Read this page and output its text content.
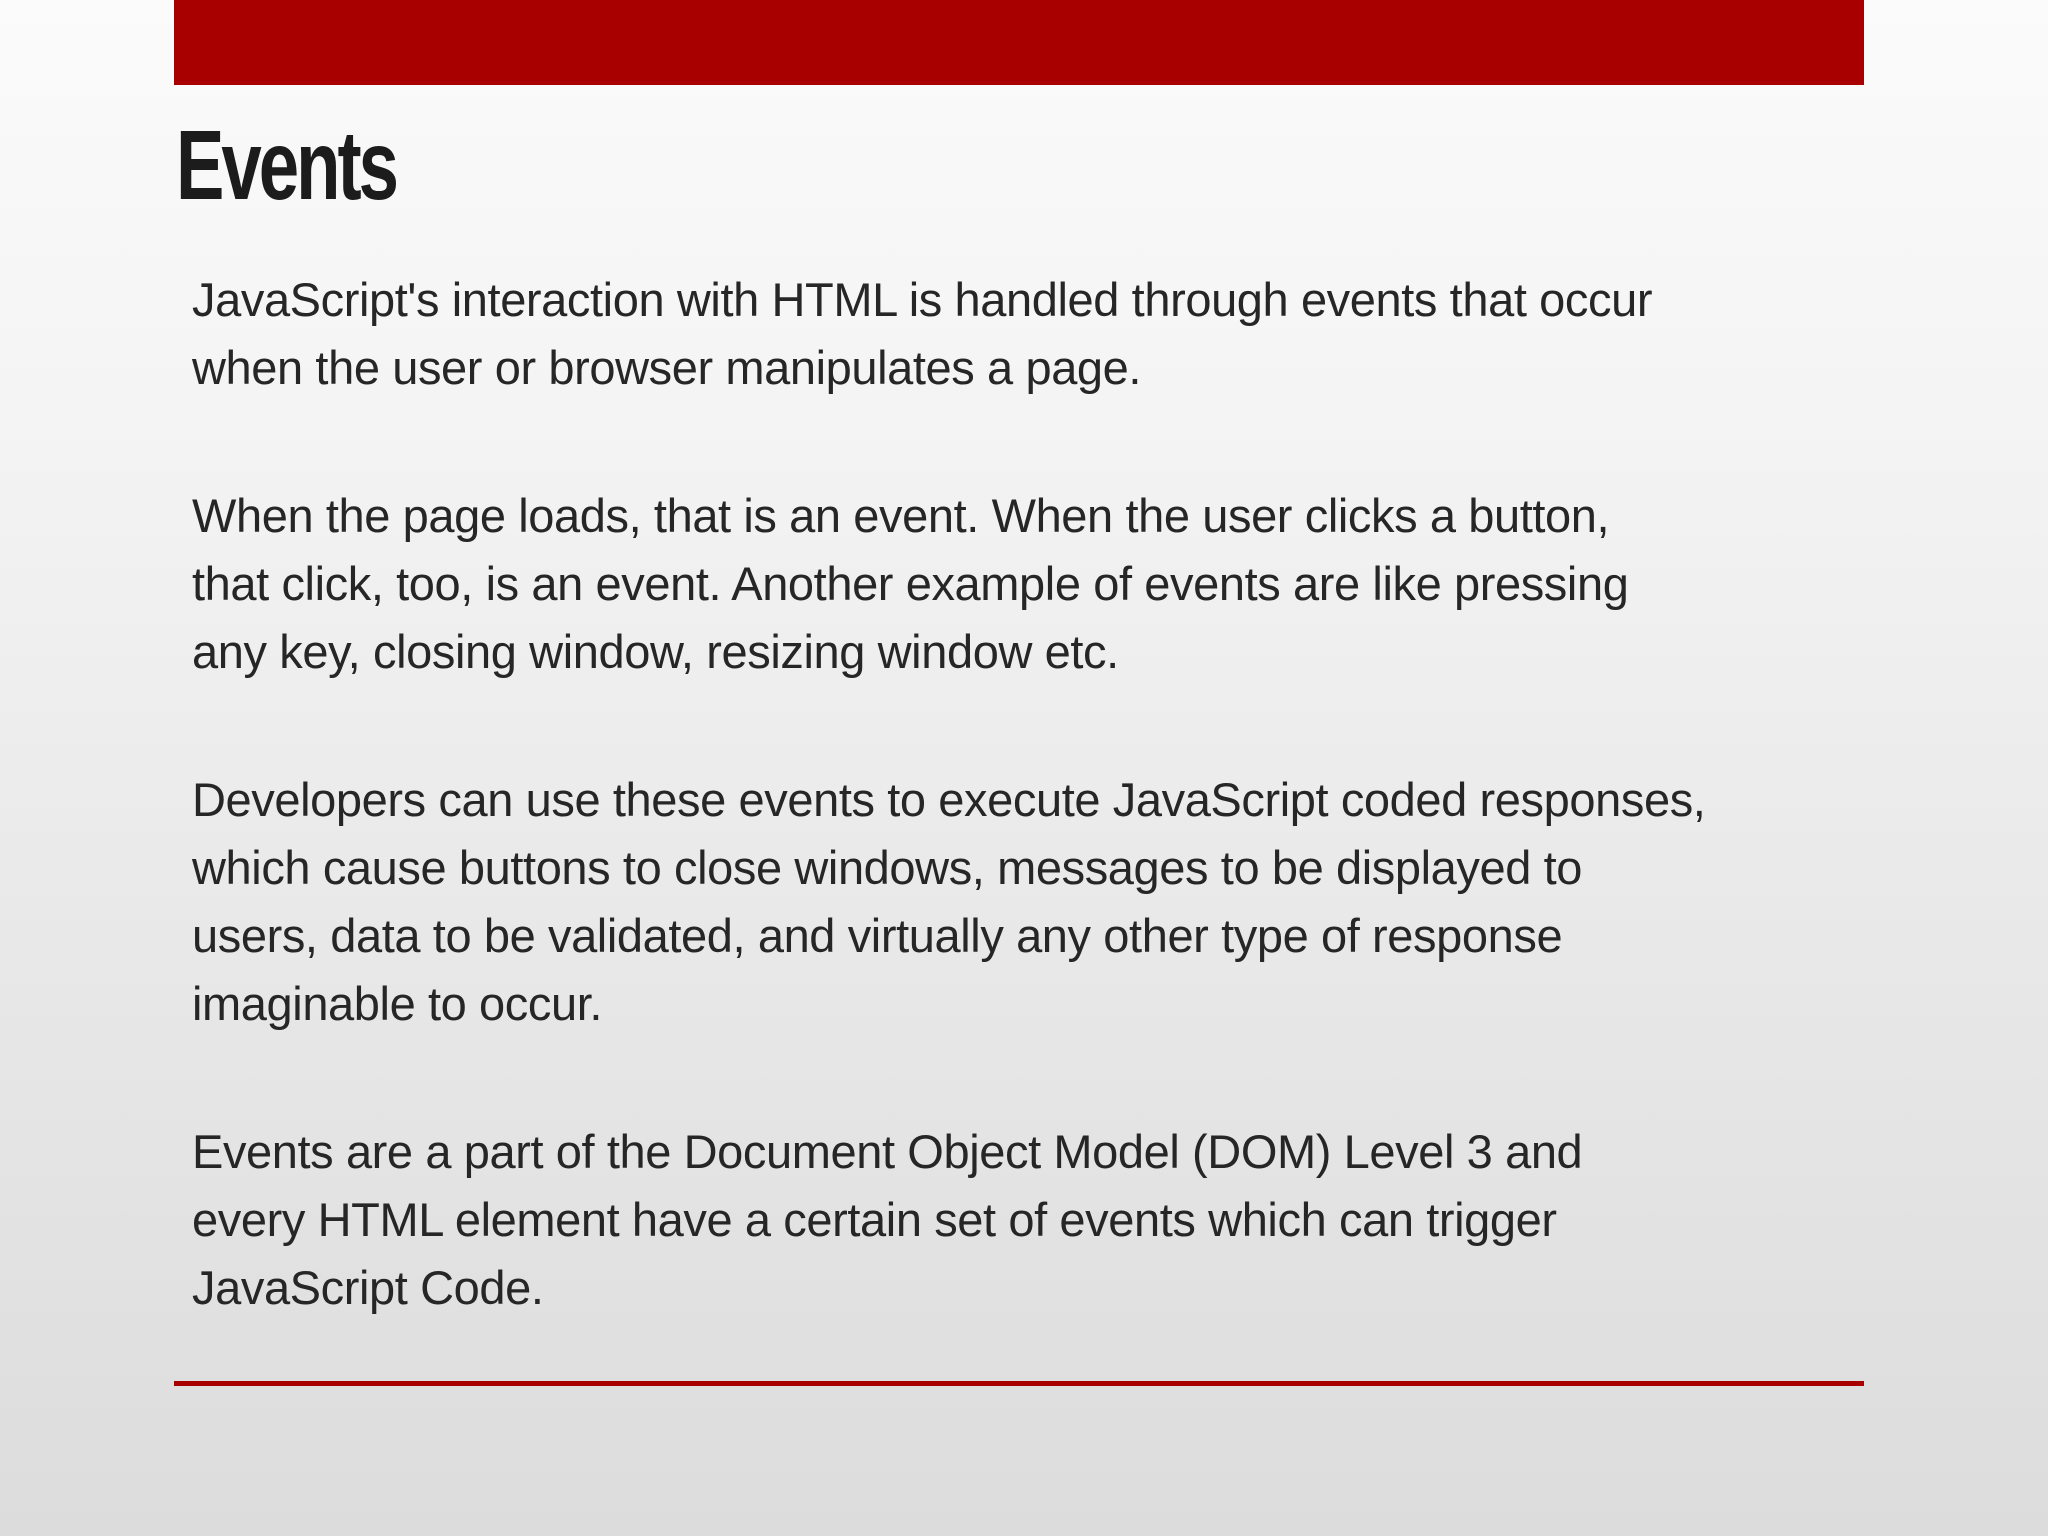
Events

JavaScript's interaction with HTML is handled through events that occur
when the user or browser manipulates a page.

When the page loads, that is an event. When the user clicks a button,
that click, too, is an event. Another example of events are like pressing
any key, closing window, resizing window etc.

Developers can use these events to execute JavaScript coded responses,
which cause buttons to close windows, messages to be displayed to
users, data to be validated, and virtually any other type of response
imaginable to occur.

Events are a part of the Document Object Model (DOM) Level 3 and
every HTML element have a certain set of events which can trigger
JavaScript Code.
